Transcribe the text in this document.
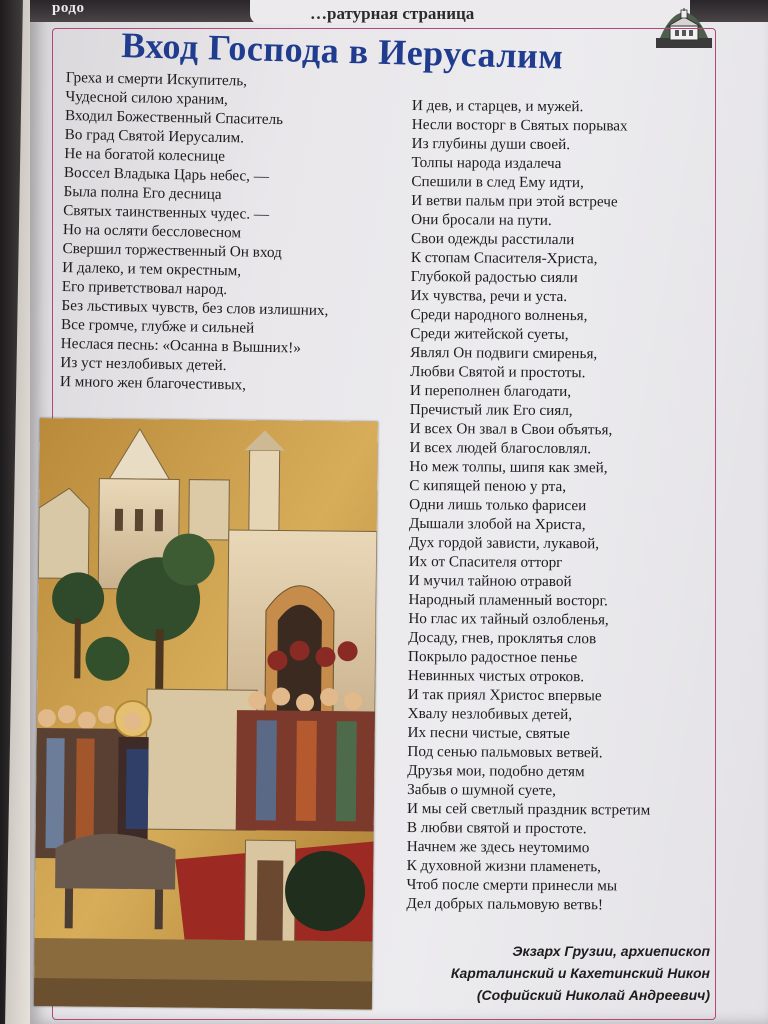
родо	…ратурная страница
Вход Господа в Иерусалим
Греха и смерти Искупитель,
Чудесной силою храним,
Входил Божественный Спаситель
Во град Святой Иерусалим.
Не на богатой колеснице
Воссел Владыка Царь небес, —
Была полна Его десница
Святых таинственных чудес. —
Но на осляти бессловесном
Свершил торжественный Он вход
И далеко, и тем окрестным,
Его приветствовал народ.
Без льстивых чувств, без слов излишних,
Все громче, глубже и сильней
Неслася песнь: «Осанна в Вышних!»
Из уст незлобивых детей.
И много жен благочестивых,
И дев, и старцев, и мужей.
Несли восторг в Святых порывах
Из глубины души своей.
Толпы народа издалеча
Спешили в след Ему идти,
И ветви пальм при этой встрече
Они бросали на пути.
Свои одежды расстилали
К стопам Спасителя-Христа,
Глубокой радостью сияли
Их чувства, речи и уста.
Среди народного волненья,
Среди житейской суеты,
Являл Он подвиги смиренья,
Любви Святой и простоты.
И переполнен благодати,
Пречистый лик Его сиял,
И всех Он звал в Свои объятья,
И всех людей благословлял.
Но меж толпы, шипя как змей,
С кипящей пеною у рта,
Одни лишь только фарисеи
Дышали злобой на Христа,
Дух гордой зависти, лукавой,
Их от Спасителя отторг
И мучил тайною отравой
Народный пламенный восторг.
Но глас их тайный озлобленья,
Досаду, гнев, проклятья слов
Покрыло радостное пенье
Невинных чистых отроков.
И так приял Христос впервые
Хвалу незлобивых детей,
Их песни чистые, святые
Под сенью пальмовых ветвей.
Друзья мои, подобно детям
Забыв о шумной суете,
И мы сей светлый праздник встретим
В любви святой и простоте.
Начнем же здесь неутомимо
К духовной жизни пламенеть,
Чтоб после смерти принесли мы
Дел добрых пальмовую ветвь!
Экзарх Грузии, архиепископ
Карталинский и Кахетинский Никон
(Софийский Николай Андреевич)
